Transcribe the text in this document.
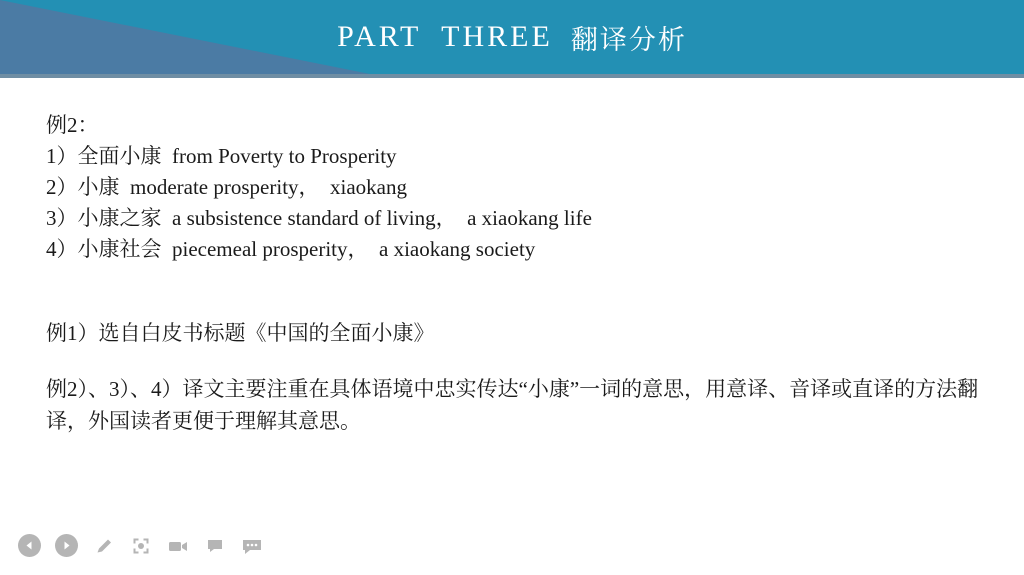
PART  THREE 翻译分析
例2：
1）全面小康  from Poverty to Prosperity
2）小康  moderate prosperity，  xiaokang
3）小康之家  a subsistence standard of living，  a xiaokang life
4）小康社会  piecemeal prosperity，  a xiaokang society
例1）选自白皮书标题《中国的全面小康》
例2）、3）、4）译文主要注重在具体语境中忠实传达“小康”一词的意思，用意译、音译或直译的方法翻译，外国读者更便于理解其意思。
